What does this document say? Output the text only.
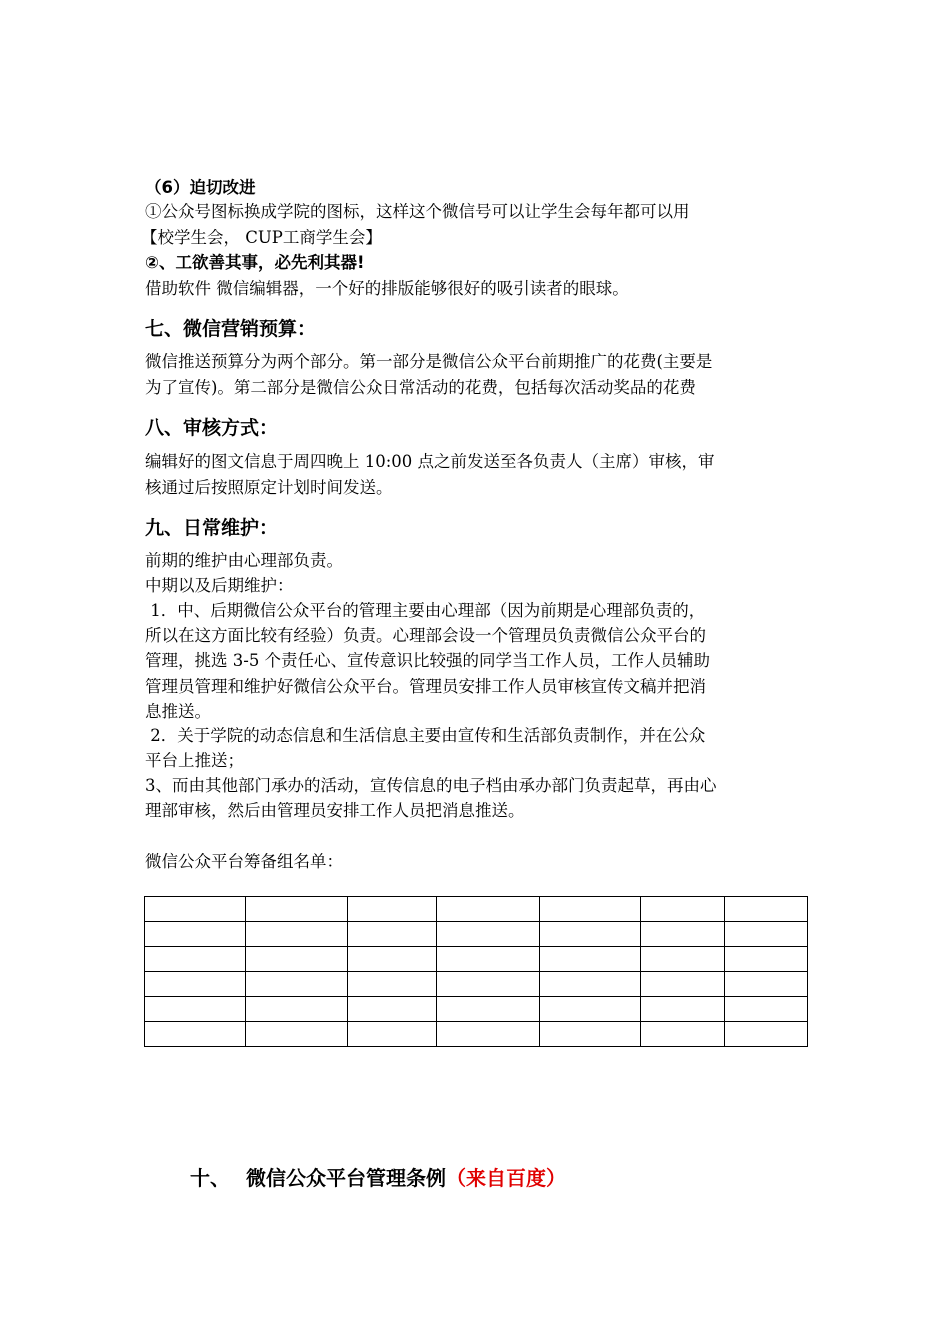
（6）迫切改进
①公众号图标换成学院的图标，这样这个微信号可以让学生会每年都可以用
【校学生会， CUP工商学生会】
②、工欲善其事，必先利其器!
借助软件 微信编辑器，一个好的排版能够很好的吸引读者的眼球。
七、微信营销预算：
微信推送预算分为两个部分。第一部分是微信公众平台前期推广的花费(主要是
为了宣传)。第二部分是微信公众日常活动的花费，包括每次活动奖品的花费
八、审核方式：
编辑好的图文信息于周四晚上 10:00 点之前发送至各负责人（主席）审核，审
核通过后按照原定计划时间发送。
九、日常维护：
前期的维护由心理部负责。
中期以及后期维护：
1．中、后期微信公众平台的管理主要由心理部（因为前期是心理部负责的，
所以在这方面比较有经验）负责。心理部会设一个管理员负责微信公众平台的
管理，挑选 3-5 个责任心、宣传意识比较强的同学当工作人员，工作人员辅助
管理员管理和维护好微信公众平台。管理员安排工作人员审核宣传文稿并把消
息推送。
2．关于学院的动态信息和生活信息主要由宣传和生活部负责制作，并在公众
平台上推送；
3、而由其他部门承办的活动，宣传信息的电子档由承办部门负责起草，再由心
理部审核，然后由管理员安排工作人员把消息推送。
微信公众平台筹备组名单：

十、 微信公众平台管理条例（来自百度）
